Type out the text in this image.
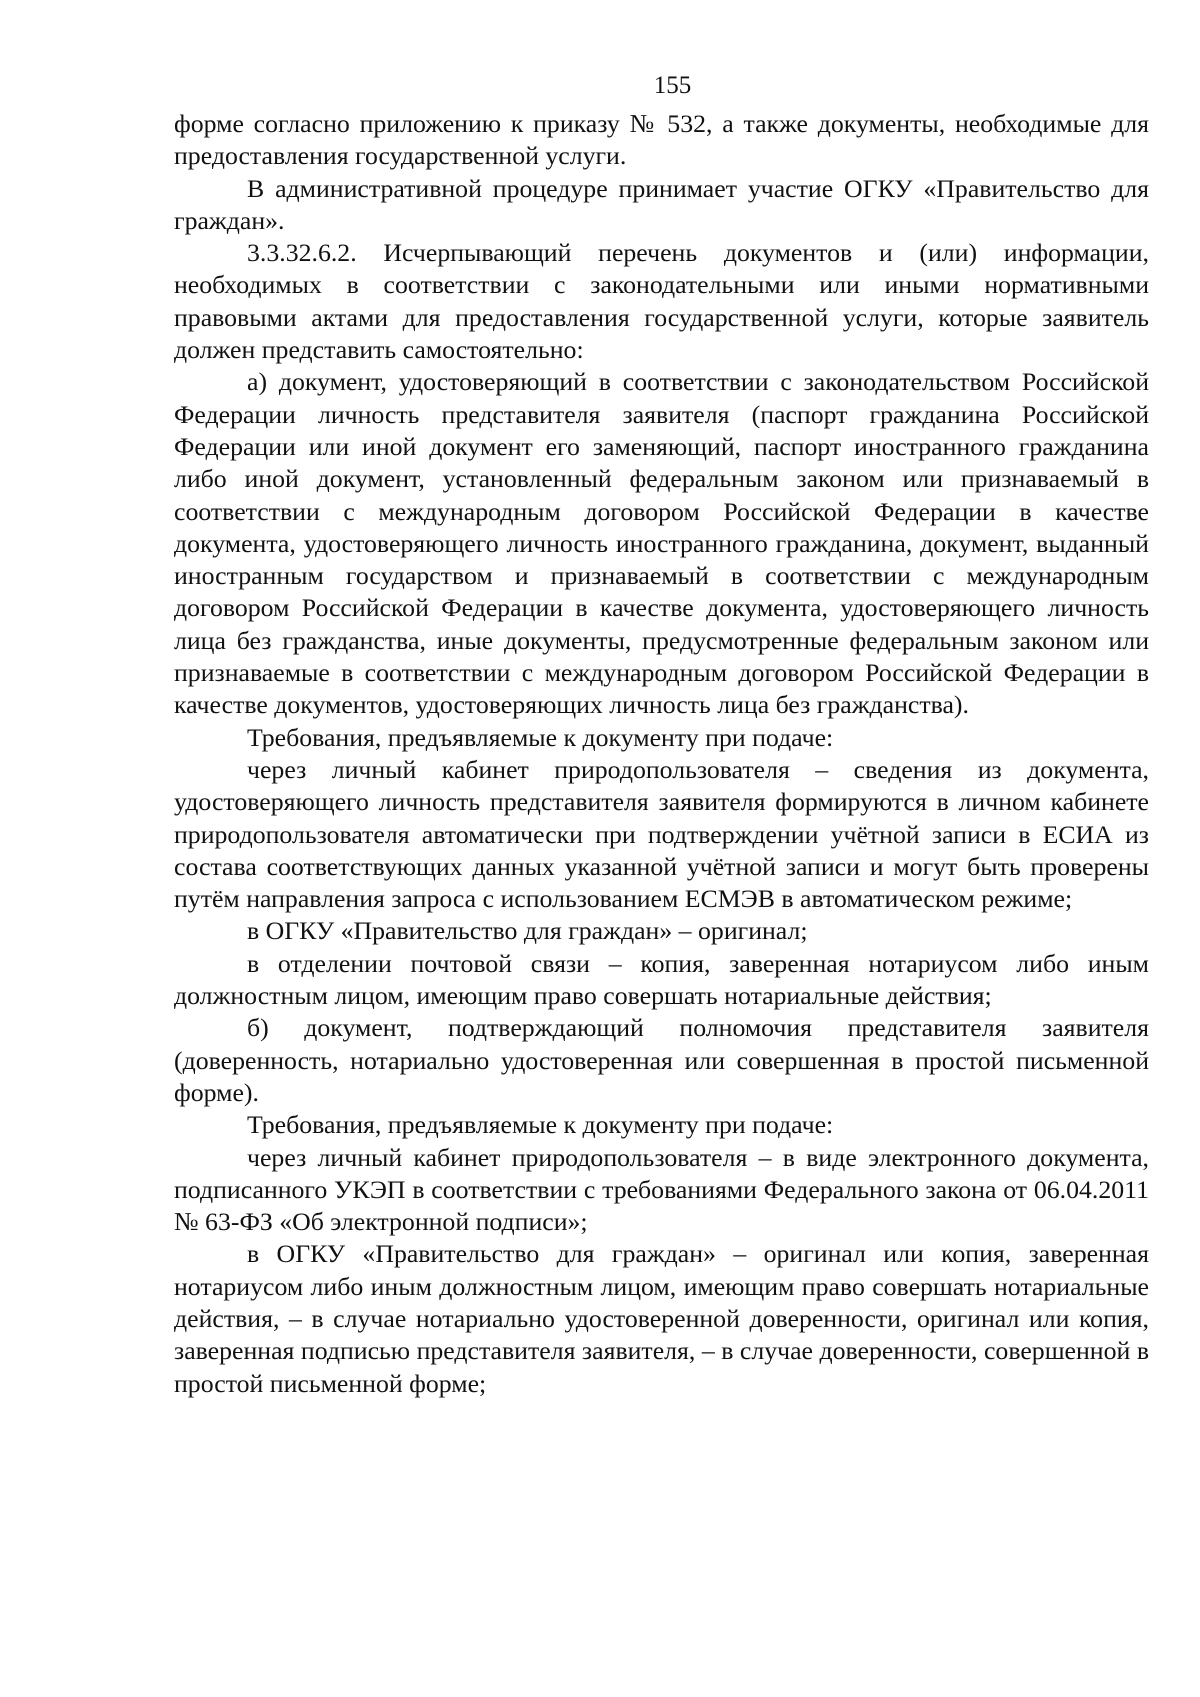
155

форме согласно приложению к приказу № 532, а также документы, необходимые для предоставления государственной услуги.

В административной процедуре принимает участие ОГКУ «Правительство для граждан».

3.3.32.6.2. Исчерпывающий перечень документов и (или) информации, необходимых в соответствии с законодательными или иными нормативными правовыми актами для предоставления государственной услуги, которые заявитель должен представить самостоятельно:

а) документ, удостоверяющий в соответствии с законодательством Российской Федерации личность представителя заявителя (паспорт гражданина Российской Федерации или иной документ его заменяющий, паспорт иностранного гражданина либо иной документ, установленный федеральным законом или признаваемый в соответствии с международным договором Российской Федерации в качестве документа, удостоверяющего личность иностранного гражданина, документ, выданный иностранным государством и признаваемый в соответствии с международным договором Российской Федерации в качестве документа, удостоверяющего личность лица без гражданства, иные документы, предусмотренные федеральным законом или признаваемые в соответствии с международным договором Российской Федерации в качестве документов, удостоверяющих личность лица без гражданства).

Требования, предъявляемые к документу при подаче:

через личный кабинет природопользователя – сведения из документа, удостоверяющего личность представителя заявителя формируются в личном кабинете природопользователя автоматически при подтверждении учётной записи в ЕСИА из состава соответствующих данных указанной учётной записи и могут быть проверены путём направления запроса с использованием ЕСМЭВ в автоматическом режиме;

в ОГКУ «Правительство для граждан» – оригинал;

в отделении почтовой связи – копия, заверенная нотариусом либо иным должностным лицом, имеющим право совершать нотариальные действия;

б) документ, подтверждающий полномочия представителя заявителя (доверенность, нотариально удостоверенная или совершенная в простой письменной форме).

Требования, предъявляемые к документу при подаче:

через личный кабинет природопользователя – в виде электронного документа, подписанного УКЭП в соответствии с требованиями Федерального закона от 06.04.2011 № 63-ФЗ «Об электронной подписи»;

в ОГКУ «Правительство для граждан» – оригинал или копия, заверенная нотариусом либо иным должностным лицом, имеющим право совершать нотариальные действия, – в случае нотариально удостоверенной доверенности, оригинал или копия, заверенная подписью представителя заявителя, – в случае доверенности, совершенной в простой письменной форме;
